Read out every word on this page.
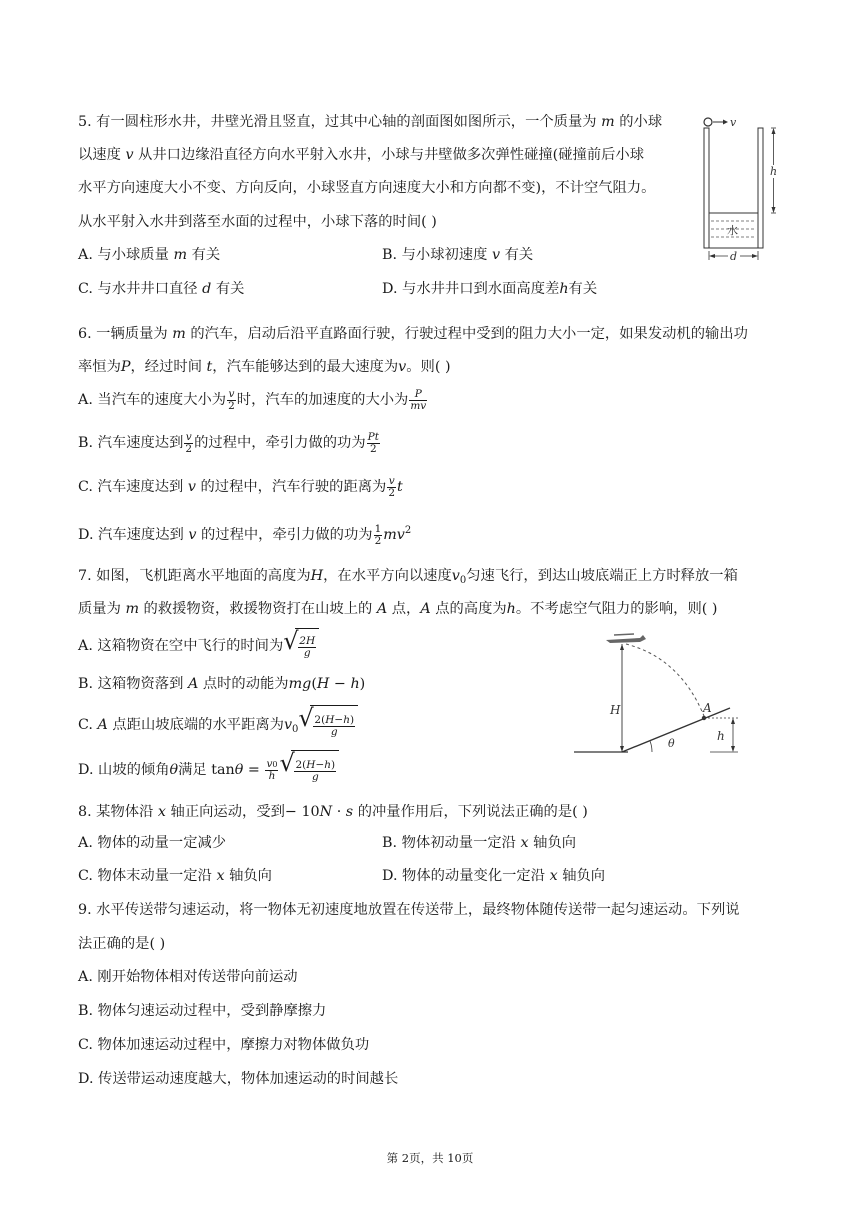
5. 有一圆柱形水井，井壁光滑且竖直，过其中心轴的剖面图如图所示，一个质量为 m 的小球
以速度 v 从井口边缘沿直径方向水平射入水井，小球与井壁做多次弹性碰撞(碰撞前后小球
水平方向速度大小不变、方向反向，小球竖直方向速度大小和方向都不变)，不计空气阻力。
从水平射入水井到落至水面的过程中，小球下落的时间( )
A. 与小球质量 m 有关	B. 与小球初速度 v 有关
C. 与水井井口直径 d 有关	D. 与水井井口到水面高度差h有关
v
水
h
d
6. 一辆质量为 m 的汽车，启动后沿平直路面行驶，行驶过程中受到的阻力大小一定，如果发动机的输出功
率恒为P，经过时间 t，汽车能够达到的最大速度为v。则( )
A. 当汽车的速度大小为 $\frac{v}{2}$ 时，汽车的加速度的大小为 $\frac{P}{mv}$
B. 汽车速度达到 $\frac{v}{2}$ 的过程中，牵引力做的功为 $\frac{Pt}{2}$
C. 汽车速度达到 v 的过程中，汽车行驶的距离为 $\frac{v}{2}$ t
D. 汽车速度达到 v 的过程中，牵引力做的功为 $\frac{1}{2} mv^2$
7. 如图，飞机距离水平地面的高度为H，在水平方向以速度$v_0$匀速飞行，到达山坡底端正上方时释放一箱
质量为 m 的救援物资，救援物资打在山坡上的 A 点，A 点的高度为h。不考虑空气阻力的影响，则( )
A. 这箱物资在空中飞行的时间为 √ $\frac{2H}{g}$
B. 这箱物资落到 A 点时的动能为mg(H − h)
C. A 点距山坡底端的水平距离为$v_0$ √ $\frac{2(H-h)}{g}$
D. 山坡的倾角θ满足 $\tan\theta = \frac{v0}{h}$ √ $\frac{2(H-h)}{g}$
H	A
θ
h
8. 某物体沿 x 轴正向运动，受到− 10N · s 的冲量作用后，下列说法正确的是( )
A. 物体的动量一定减少	B. 物体初动量一定沿 x 轴负向
C. 物体末动量一定沿 x 轴负向	D. 物体的动量变化一定沿 x 轴负向
9. 水平传送带匀速运动，将一物体无初速度地放置在传送带上，最终物体随传送带一起匀速运动。下列说
法正确的是( )
A. 刚开始物体相对传送带向前运动
B. 物体匀速运动过程中，受到静摩擦力
C. 物体加速运动过程中，摩擦力对物体做负功
D. 传送带运动速度越大，物体加速运动的时间越长
第 2页，共 10页
